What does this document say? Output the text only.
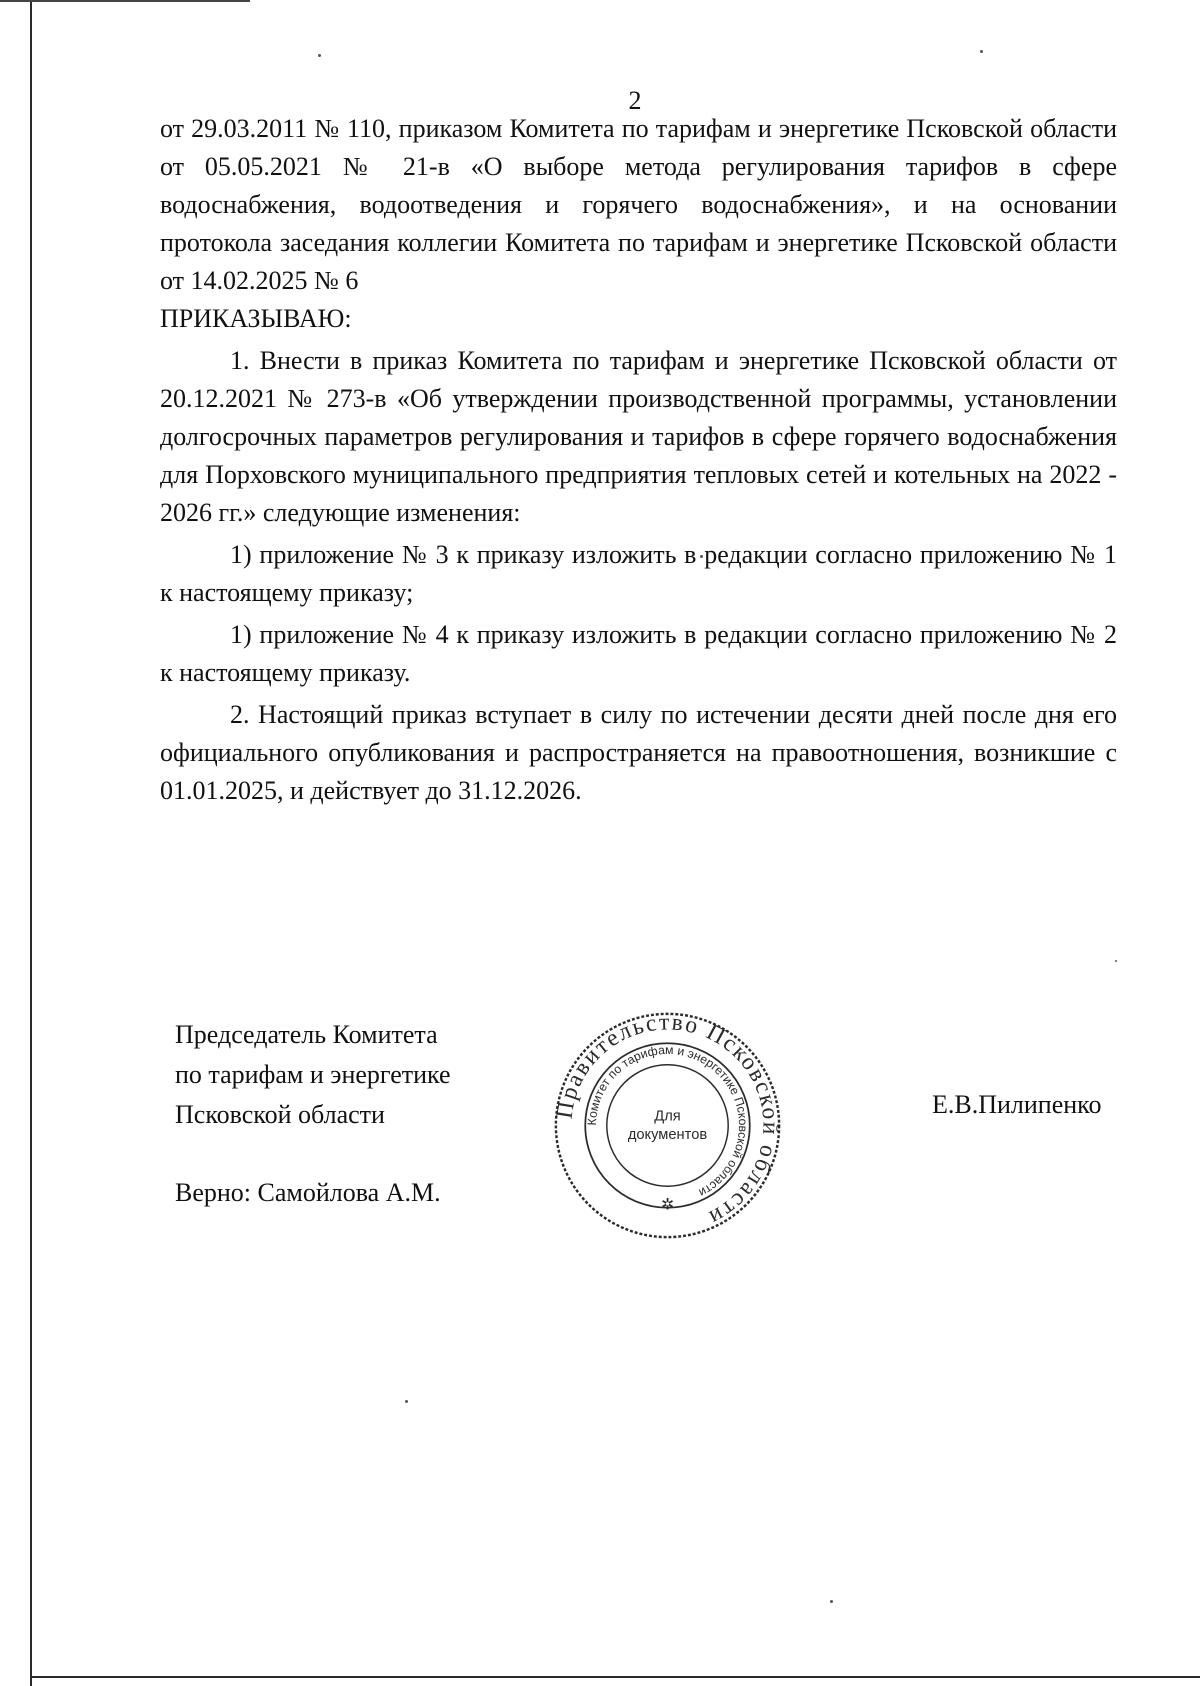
2

от 29.03.2011 № 110, приказом Комитета по тарифам и энергетике Псковской области от 05.05.2021 № 21-в «О выборе метода регулирования тарифов в сфере водоснабжения, водоотведения и горячего водоснабжения», и на основании протокола заседания коллегии Комитета по тарифам и энергетике Псковской области от 14.02.2025 № 6

ПРИКАЗЫВАЮ:

1. Внести в приказ Комитета по тарифам и энергетике Псковской области от 20.12.2021 № 273-в «Об утверждении производственной программы, установлении долгосрочных параметров регулирования и тарифов в сфере горячего водоснабжения для Порховского муниципального предприятия тепловых сетей и котельных на 2022 - 2026 гг.» следующие изменения:

1) приложение № 3 к приказу изложить в редакции согласно приложению № 1 к настоящему приказу;

1) приложение № 4 к приказу изложить в редакции согласно приложению № 2 к настоящему приказу.

2. Настоящий приказ вступает в силу по истечении десяти дней после дня его официального опубликования и распространяется на правоотношения, возникшие с 01.01.2025, и действует до 31.12.2026.

Председатель Комитета
по тарифам и энергетике
Псковской области	Е.В.Пилипенко
Верно: Самойлова А.М.
Правительство Псковской области
Комитет по тарифам и энергетике Псковской области
Для
документов
✲
